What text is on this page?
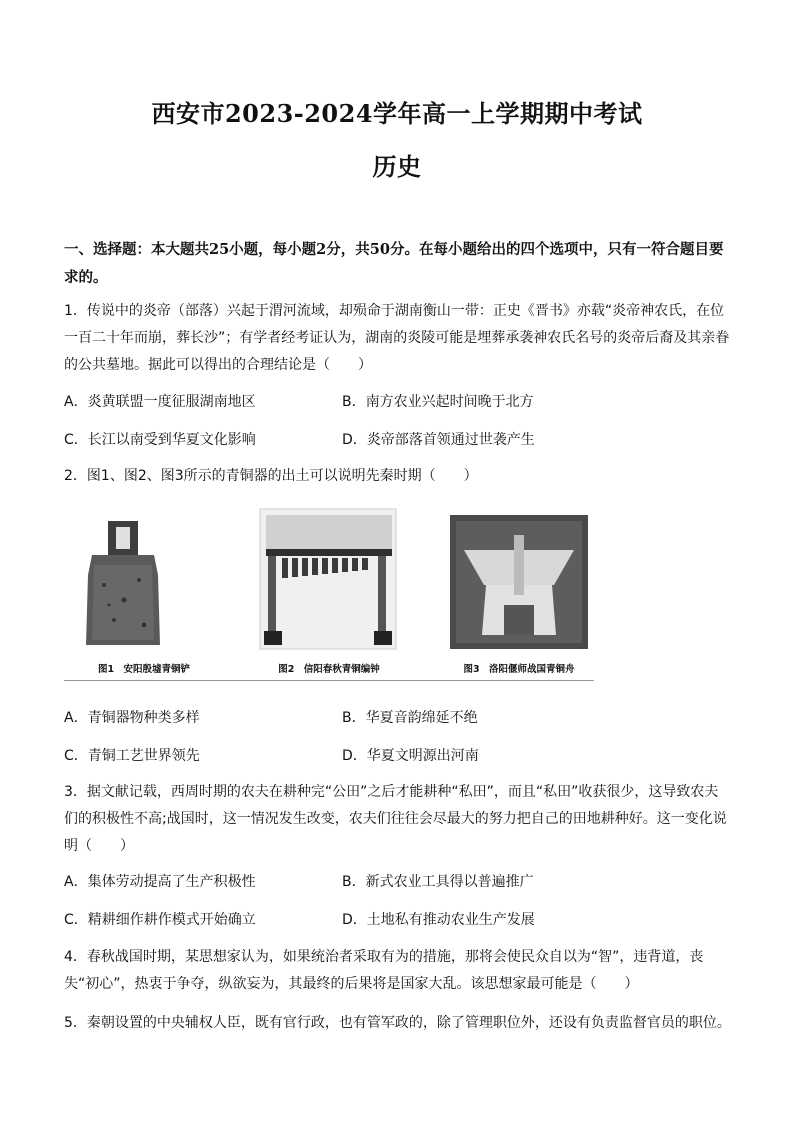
西安市2023-2024学年高一上学期期中考试
历史
一、选择题：本大题共25小题，每小题2分，共50分。在每小题给出的四个选项中，只有一符合题目要求的。
1．传说中的炎帝（部落）兴起于渭河流域，却殒命于湖南衡山一带：正史《晋书》亦载“炎帝神农氏，在位一百二十年而崩，葬长沙”；有学者经考证认为，湖南的炎陵可能是埋葬承袭神农氏名号的炎帝后裔及其亲眷的公共墓地。据此可以得出的合理结论是（　　）
A．炎黄联盟一度征服湖南地区	B．南方农业兴起时间晚于北方
C．长江以南受到华夏文化影响	D．炎帝部落首领通过世袭产生
2．图1、图2、图3所示的青铜器的出土可以说明先秦时期（　　）
图1　安阳殷墟青铜铲	图2　信阳春秋青铜编钟	图3　洛阳偃师战国青铜舟
A．青铜器物种类多样	B．华夏音韵绵延不绝
C．青铜工艺世界领先	D．华夏文明源出河南
3．据文献记载，西周时期的农夫在耕种完“公田”之后才能耕种“私田”，而且“私田”收获很少，这导致农夫们的积极性不高;战国时，这一情况发生改变，农夫们往往会尽最大的努力把自己的田地耕种好。这一变化说明（　　）
A．集体劳动提高了生产积极性	B．新式农业工具得以普遍推广
C．精耕细作耕作模式开始确立	D．土地私有推动农业生产发展
4．春秋战国时期，某思想家认为，如果统治者采取有为的措施，那将会使民众自以为“智”，违背道，丧失“初心”，热衷于争夺，纵欲妄为，其最终的后果将是国家大乱。该思想家最可能是（　　）
5．秦朝设置的中央辅权人臣，既有官行政，也有管军政的，除了管理职位外，还设有负责监督官员的职位。
